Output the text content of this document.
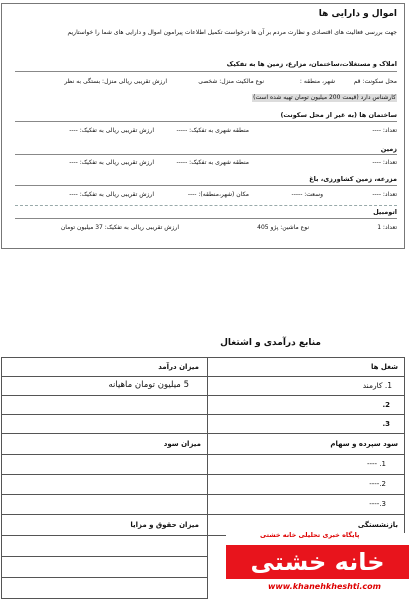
اموال و دارایی ها
جهت بررسی فعالیت های اقتصادی و نظارت مردم بر آن ها درخواست تکمیل اطلاعات پیرامون اموال و دارایی های شما را خواستاریم
املاک و مستغلات،ساختمان، مزارع، زمین ها به تفکیک
محل سکونت: قم
شهر، منطقه :
نوع مالکیت منزل: شخصی
ارزش تقریبی ریالی منزل: بستگی به نظر
کارشناس دارد (قیمت 200 میلیون تومان تهیه شده است)
ساختمان ها (به غیر از محل سکونت)
تعداد: ----
منطقه شهری به تفکیک: -----
ارزش تقریبی ریالی به تفکیک: ----
زمین
تعداد: ----
منطقه شهری به تفکیک: -----
ارزش تقریبی ریالی به تفکیک: ----
مزرعه، زمین کشاورزی، باغ
تعداد: ----
وسعت: -----
مکان (شهر،منطقه): ----
ارزش تقریبی ریالی به تفکیک: ----
اتومبیل
تعداد: 1
نوع ماشین: پژو 405
ارزش تقریبی ریالی به تفکیک: 37 میلیون تومان
منابع درآمدی و اشتغال
شغل ها
میزان درآمد
1. کارمند
5 میلیون تومان ماهیانه
2.
3.
سود سپرده و سهام
میزان سود
1. ----
2.----
3.----
بازنشستگی
میزان حقوق و مزایا
پایگاه خبری تحلیلی خانه خشتی
خانه خشتی
www.khanehkheshti.com
